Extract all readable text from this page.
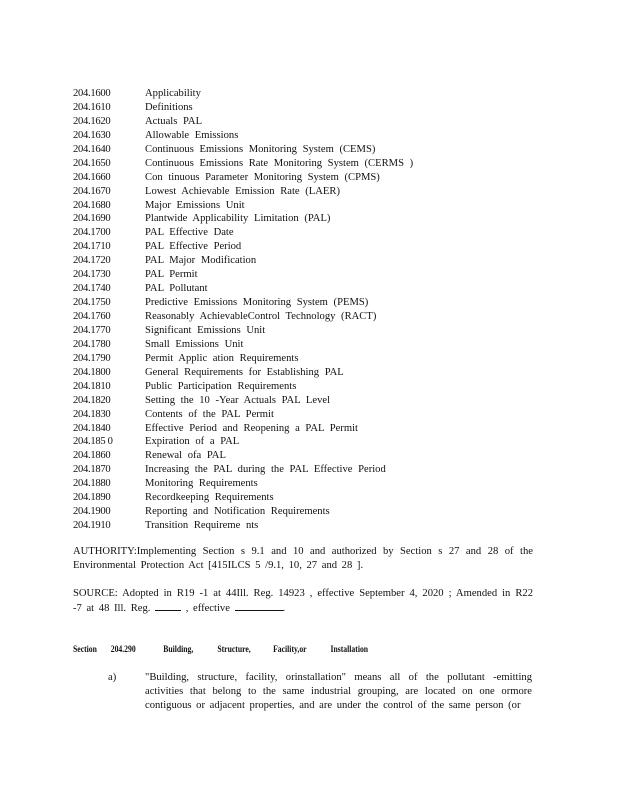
204.1600	Applicability
204.1610	Definitions
204.1620	Actuals PAL
204.1630	Allowable Emissions
204.1640	Continuous Emissions Monitoring System (CEMS)
204.1650	Continuous Emissions Rate Monitoring System (CERMS )
204.1660	Con tinuous Parameter Monitoring System (CPMS)
204.1670	Lowest Achievable Emission Rate (LAER)
204.1680	Major Emissions Unit
204.1690	Plantwide Applicability Limitation (PAL)
204.1700	PAL Effective Date
204.1710	PAL Effective Period
204.1720	PAL Major Modification
204.1730	PAL Permit
204.1740	PAL Pollutant
204.1750	Predictive Emissions Monitoring System (PEMS)
204.1760	Reasonably AchievableControl Technology (RACT)
204.1770	Significant Emissions Unit
204.1780	Small Emissions Unit
204.1790	Permit Applic ation Requirements
204.1800	General Requirements for Establishing PAL
204.1810	Public Participation Requirements
204.1820	Setting the 10 -Year Actuals PAL Level
204.1830	Contents of the PAL Permit
204.1840	Effective Period and Reopening a PAL Permit
204.185 0	Expiration of a PAL
204.1860	Renewal ofa PAL
204.1870	Increasing the PAL during the PAL Effective Period
204.1880	Monitoring Requirements
204.1890	Recordkeeping Requirements
204.1900	Reporting and Notification Requirements
204.1910	Transition Requireme nts
AUTHORITY:Implementing Section s 9.1 and 10 and authorized by Section s 27 and 28 of the Environmental Protection Act [415ILCS 5 /9.1, 10, 27 and 28 ].
SOURCE: Adopted in R19 -1 at 44Ill. Reg. 14923 , effective September 4, 2020 ; Amended in R22 -7 at 48 Ill. Reg.  , effective	.
Section 204.290	Building,	Structure, Facility,or	Installation
a)	"Building, structure, facility, orinstallation" means all of the pollutant -emitting activities that belong to the same industrial grouping, are located on one ormore contiguous or adjacent properties, and are under the control of the same person (or
